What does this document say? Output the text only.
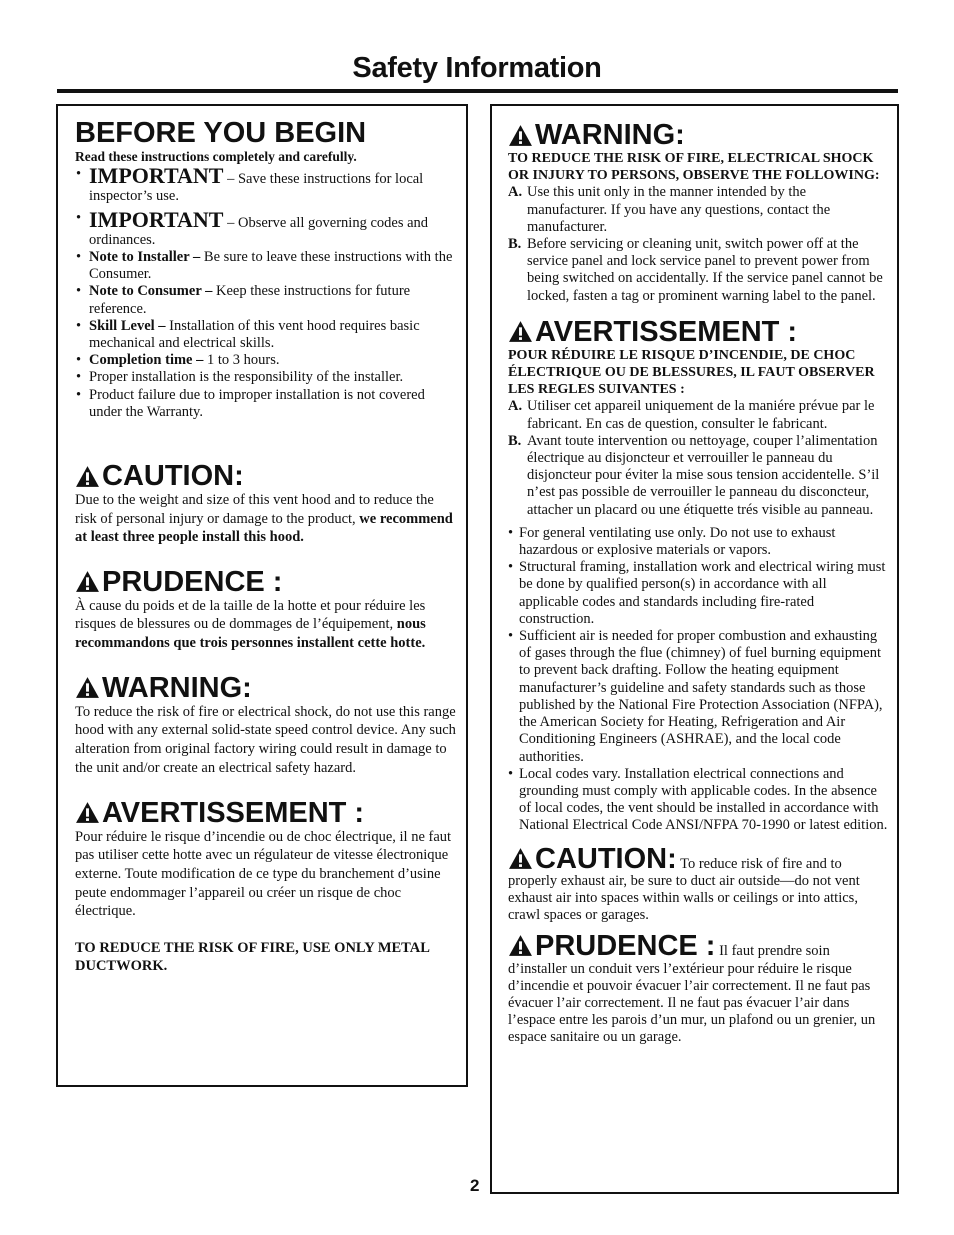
Safety Information
BEFORE YOU BEGIN

Read these instructions completely and carefully.

• IMPORTANT – Save these instructions for local inspector’s use.
• IMPORTANT – Observe all governing codes and ordinances.
• Note to Installer – Be sure to leave these instructions with the Consumer.
• Note to Consumer – Keep these instructions for future reference.
• Skill Level – Installation of this vent hood requires basic mechanical and electrical skills.
• Completion time – 1 to 3 hours.
• Proper installation is the responsibility of the installer.
• Product failure due to improper installation is not covered under the Warranty.
CAUTION:

Due to the weight and size of this vent hood and to reduce the risk of personal injury or damage to the product, we recommend at least three people install this hood.

PRUDENCE :

À cause du poids et de la taille de la hotte et pour réduire les risques de blessures ou de dommages de l’équipement, nous recommandons que trois personnes installent cette hotte.

WARNING:

To reduce the risk of fire or electrical shock, do not use this range hood with any external solid-state speed control device. Any such alteration from original factory wiring could result in damage to the unit and/or create an electrical safety hazard.

AVERTISSEMENT :

Pour réduire le risque d’incendie ou de choc électrique, il ne faut pas utiliser cette hotte avec un régulateur de vitesse électronique externe. Toute modification de ce type du branchement d’usine peute endommager l’appareil ou créer un risque de choc électrique.

TO REDUCE THE RISK OF FIRE, USE ONLY METAL DUCTWORK.

WARNING:

TO REDUCE THE RISK OF FIRE, ELECTRICAL SHOCK OR INJURY TO PERSONS, OBSERVE THE FOLLOWING:

A. Use this unit only in the manner intended by the manufacturer. If you have any questions, contact the manufacturer.
B. Before servicing or cleaning unit, switch power off at the service panel and lock service panel to prevent power from being switched on accidentally. If the service panel cannot be locked, fasten a tag or prominent warning label to the panel.
AVERTISSEMENT :

POUR RÉDUIRE LE RISQUE D’INCENDIE, DE CHOC ÉLECTRIQUE OU DE BLESSURES, IL FAUT OBSERVER LES REGLES SUIVANTES :

A. Utiliser cet appareil uniquement de la maniére prévue par le fabricant. En cas de question, consulter le fabricant.
B. Avant toute intervention ou nettoyage, couper l’alimentation électrique au disjoncteur et verrouiller le panneau du disjoncteur pour éviter la mise sous tension accidentelle. S’il n’est pas possible de verrouiller le panneau du disconcteur, attacher un placard ou une étiquette trés visible au panneau.
• For general ventilating use only. Do not use to exhaust hazardous or explosive materials or vapors.
• Structural framing, installation work and electrical wiring must be done by qualified person(s) in accordance with all applicable codes and standards including fire-rated construction.
• Sufficient air is needed for proper combustion and exhausting of gases through the flue (chimney) of fuel burning equipment to prevent back drafting. Follow the heating equipment manufacturer’s guideline and safety standards such as those published by the National Fire Protection Association (NFPA), the American Society for Heating, Refrigeration and Air Conditioning Engineers (ASHRAE), and the local code authorities.
• Local codes vary. Installation electrical connections and grounding must comply with applicable codes. In the absence of local codes, the vent should be installed in accordance with National Electrical Code ANSI/NFPA 70-1990 or latest edition.

CAUTION: To reduce risk of fire and to properly exhaust air, be sure to duct air outside—do not vent exhaust air into spaces within walls or ceilings or into attics, crawl spaces or garages.

PRUDENCE : Il faut prendre soin d’installer un conduit vers l’extérieur pour réduire le risque d’incendie et pouvoir évacuer l’air correctement. Il ne faut pas évacuer l’air correctement. Il ne faut pas évacuer l’air dans l’espace entre les parois d’un mur, un plafond ou un grenier, un espace sanitaire ou un garage.

2
